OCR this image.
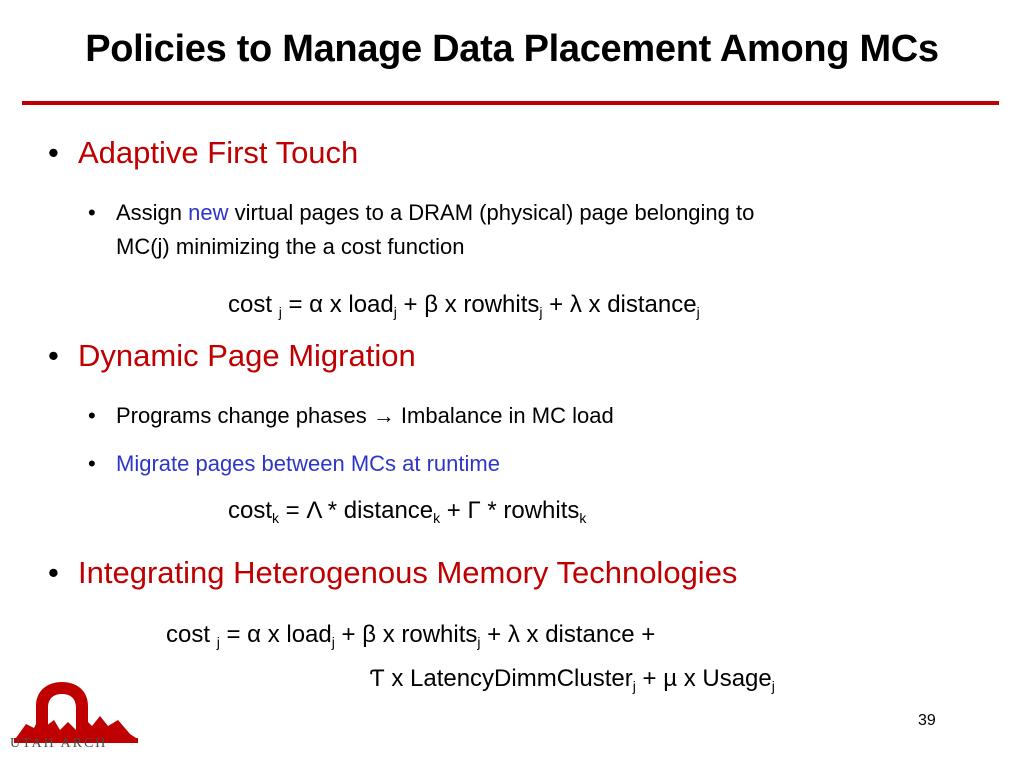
Policies to Manage Data Placement Among MCs
• Adaptive First Touch
• Assign new virtual pages to a DRAM (physical) page belonging to
MC(j) minimizing the a cost function
cost $_j$ = α x load$_j$ + β x rowhits$_j$ + λ x distance$_j$
• Dynamic Page Migration
• Programs change phases → Imbalance in MC load
• Migrate pages between MCs at runtime
cost$_k$ = Λ * distance$_k$ + Γ * rowhits$_k$
• Integrating Heterogenous Memory Technologies
cost $_j$ = α x load$_j$ + β x rowhits$_j$ + λ x distance +
Ƭ x LatencyDimmCluster$_j$ + µ x Usage$_j$
UTAH ARCH
39
